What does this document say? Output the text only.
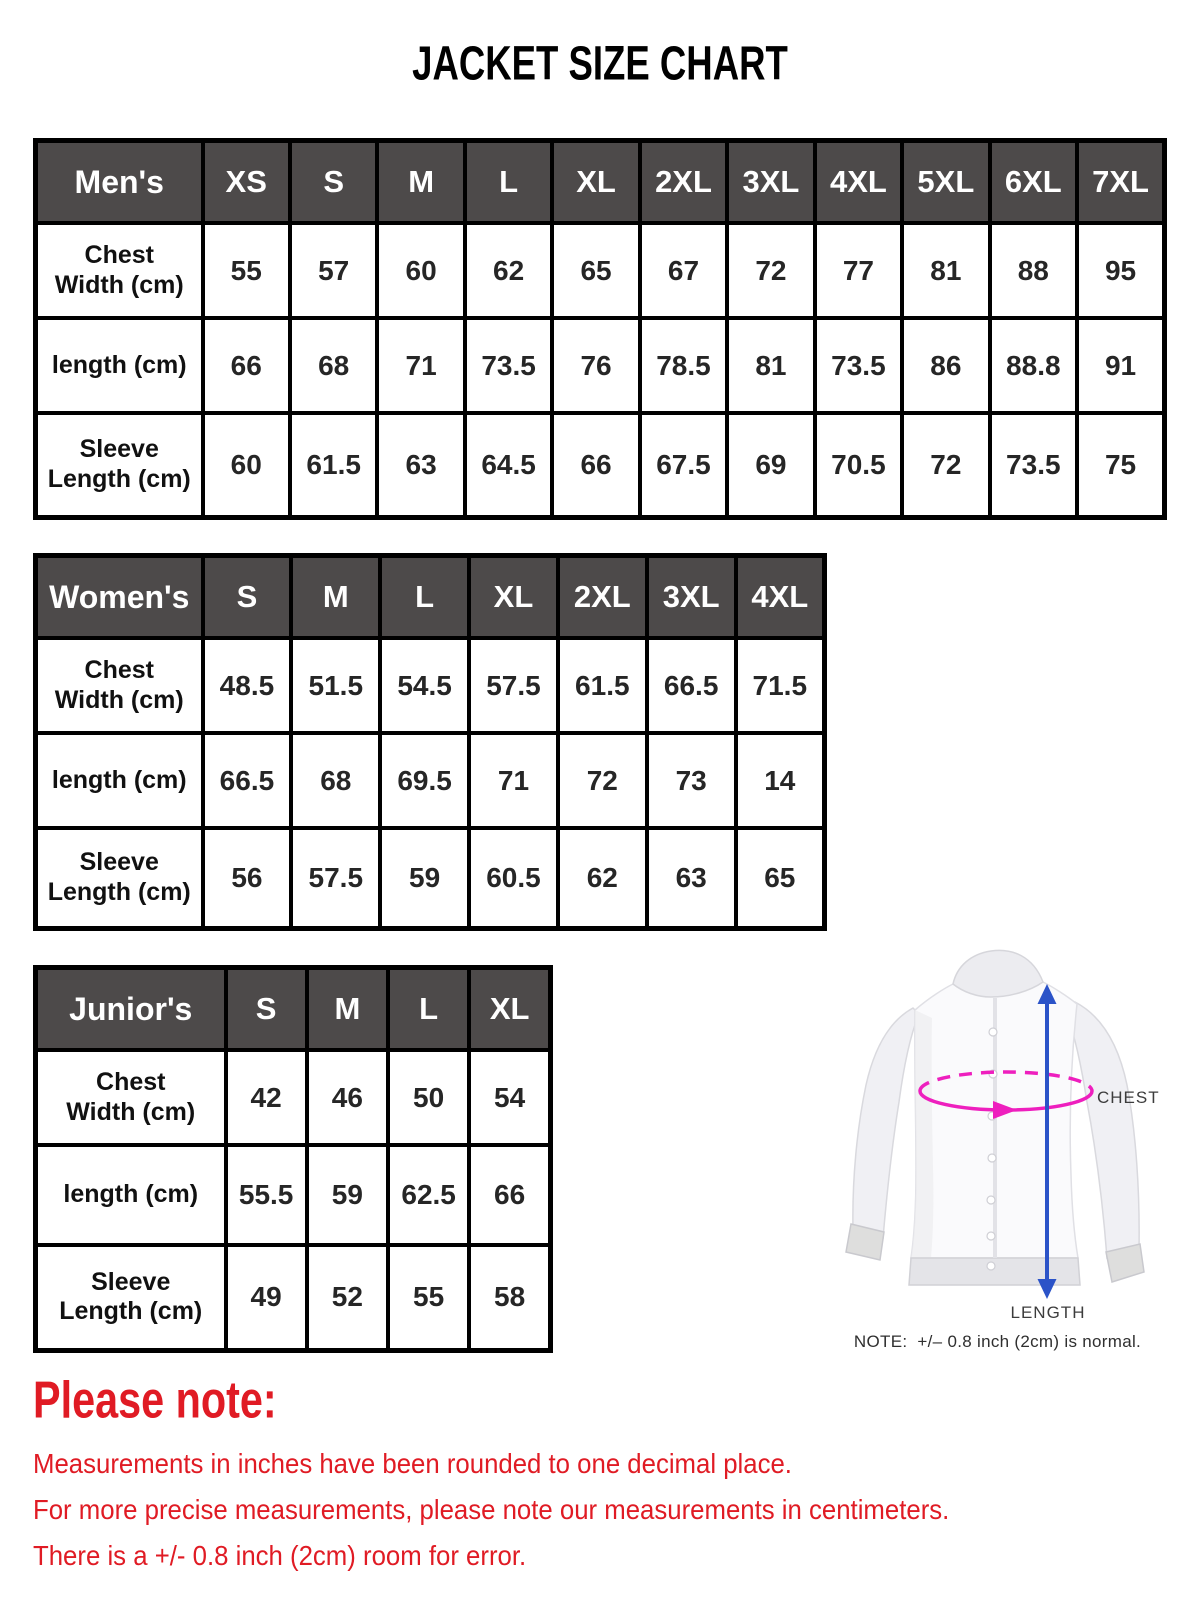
JACKET SIZE CHART
Men's	XS	S	M	L	XL	2XL	3XL	4XL	5XL	6XL	7XL

Chest
Width (cm)	55	57	60	62	65	67	72	77	81	88	95

length (cm)	66	68	71	73.5	76	78.5	81	73.5	86	88.8	91

Sleeve
Length (cm)	60	61.5	63	64.5	66	67.5	69	70.5	72	73.5	75
Women's	S	M	L	XL	2XL	3XL	4XL

Chest
Width (cm)	48.5	51.5	54.5	57.5	61.5	66.5	71.5

length (cm)	66.5	68	69.5	71	72	73	14

Sleeve
Length (cm)	56	57.5	59	60.5	62	63	65
Junior's	S	M	L	XL

Chest
Width (cm)	42	46	50	54

length (cm)	55.5	59	62.5	66

Sleeve
Length (cm)	49	52	55	58
CHEST
LENGTH
NOTE:  +/– 0.8 inch (2cm) is normal.
Please note:
Measurements in inches have been rounded to one decimal place.
For more precise measurements, please note our measurements in centimeters.
There is a +/- 0.8 inch (2cm) room for error.
